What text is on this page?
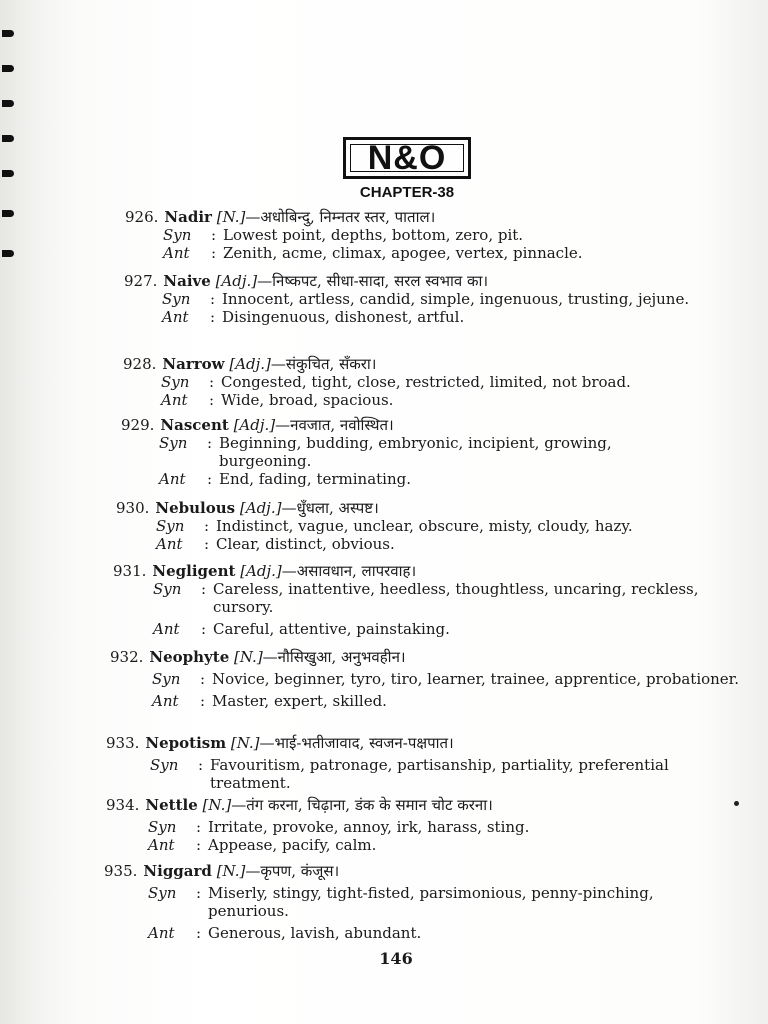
N&O
CHAPTER-38
926. Nadir [N.]—अधोबिन्दु, निम्नतर स्तर, पाताल।
Syn : Lowest point, depths, bottom, zero, pit.
Ant : Zenith, acme, climax, apogee, vertex, pinnacle.
927. Naive [Adj.]—निष्कपट, सीधा-सादा, सरल स्वभाव का।
Syn : Innocent, artless, candid, simple, ingenuous, trusting, jejune.
Ant : Disingenuous, dishonest, artful.
928. Narrow [Adj.]—संकुचित, सँकरा।
Syn : Congested, tight, close, restricted, limited, not broad.
Ant : Wide, broad, spacious.
929. Nascent [Adj.]—नवजात, नवोस्थित।
Syn : Beginning, budding, embryonic, incipient, growing, burgeoning.
Ant : End, fading, terminating.
930. Nebulous [Adj.]—धुँधला, अस्पष्ट।
Syn : Indistinct, vague, unclear, obscure, misty, cloudy, hazy.
Ant : Clear, distinct, obvious.
931. Negligent [Adj.]—असावधान, लापरवाह।
Syn : Careless, inattentive, heedless, thoughtless, uncaring, reckless, cursory.
Ant : Careful, attentive, painstaking.
932. Neophyte [N.]—नौसिखुआ, अनुभवहीन।
Syn : Novice, beginner, tyro, tiro, learner, trainee, apprentice, probationer.
Ant : Master, expert, skilled.
933. Nepotism [N.]—भाई-भतीजावाद, स्वजन-पक्षपात।
Syn : Favouritism, patronage, partisanship, partiality, preferential treatment.
934. Nettle [N.]—तंग करना, चिढ़ाना, डंक के समान चोट करना।
Syn : Irritate, provoke, annoy, irk, harass, sting.
Ant : Appease, pacify, calm.
935. Niggard [N.]—कृपण, कंजूस।
Syn : Miserly, stingy, tight-fisted, parsimonious, penny-pinching, penurious.
Ant : Generous, lavish, abundant.
146
